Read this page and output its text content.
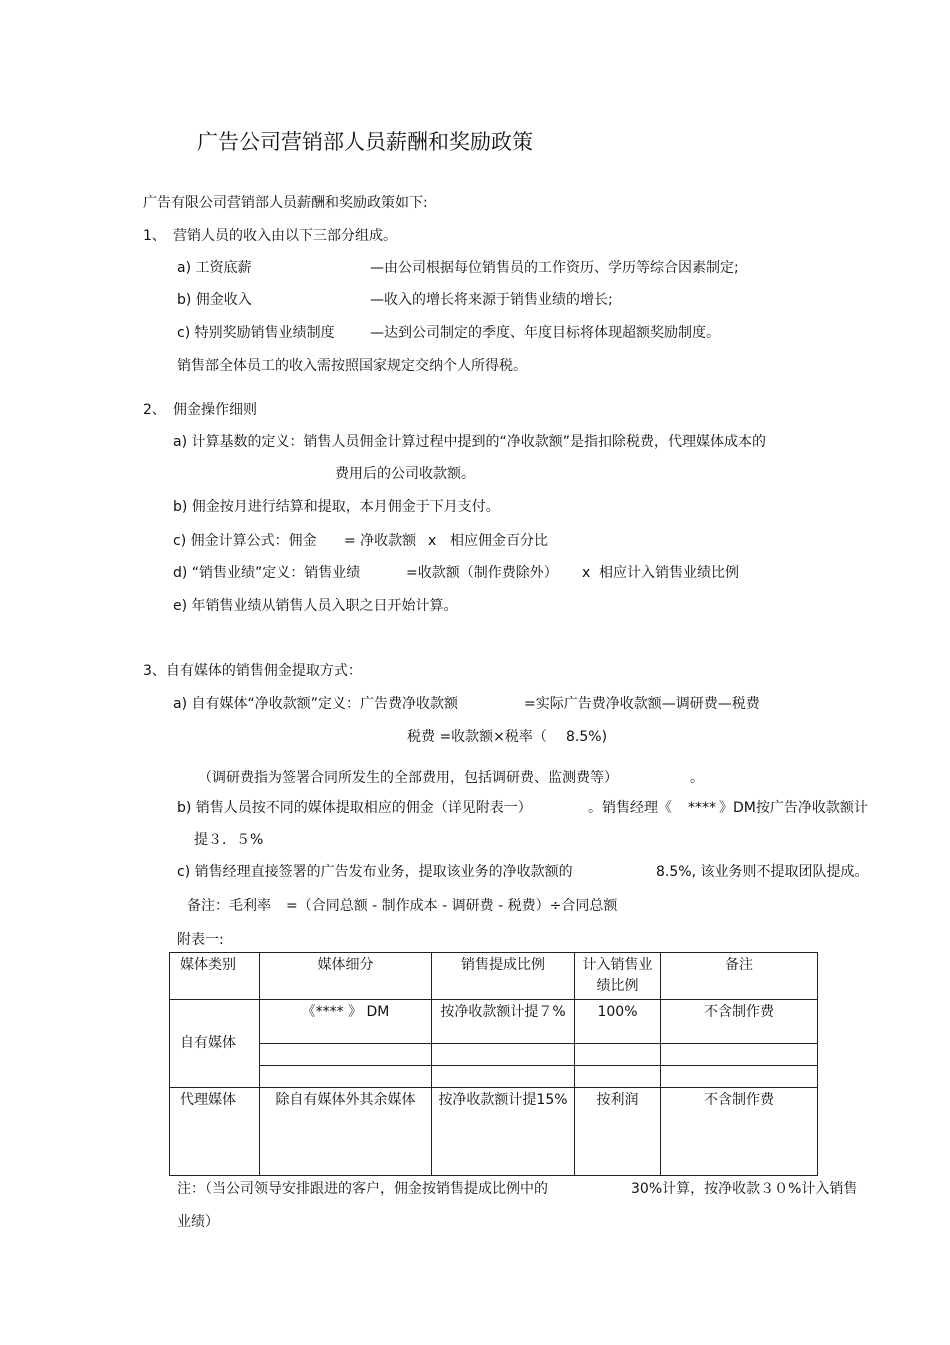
广告公司营销部人员薪酬和奖励政策
广告有限公司营销部人员薪酬和奖励政策如下:
1、 营销人员的收入由以下三部分组成。
a) 工资底薪	—由公司根据每位销售员的工作资历、学历等综合因素制定;
b) 佣金收入	—收入的增长将来源于销售业绩的增长;
c) 特别奖励销售业绩制度	—达到公司制定的季度、年度目标将体现超额奖励制度。
销售部全体员工的收入需按照国家规定交纳个人所得税。
2、 佣金操作细则
a) 计算基数的定义：销售人员佣金计算过程中提到的“净收款额”是指扣除税费，代理媒体成本的
费用后的公司收款额。
b) 佣金按月进行结算和提取，本月佣金于下月支付。
c) 佣金计算公式：佣金 = 净收款额 x 相应佣金百分比
d) “销售业绩”定义：销售业绩	=收款额（制作费除外） x 相应计入销售业绩比例
e) 年销售业绩从销售人员入职之日开始计算。
3、自有媒体的销售佣金提取方式：
a) 自有媒体“净收款额”定义：广告费净收款额	=实际广告费净收款额—调研费—税费
税费 =收款额×税率（ 8.5%)
（调研费指为签署合同所发生的全部费用，包括调研费、监测费等）	。
b) 销售人员按不同的媒体提取相应的佣金（详见附表一）	。销售经理《 **** 》DM按广告净收款额计
提３．５%
c) 销售经理直接签署的广告发布业务，提取该业务的净收款额的	8.5%, 该业务则不提取团队提成。
备注：毛利率 =（合同总额 - 制作成本 - 调研费 - 税费）÷合同总额
附表一:
媒体类别	媒体细分	销售提成比例	计入销售业绩比例	备注
自有媒体	《**** 》 DM	按净收款额计提７%	100%	不含制作费

代理媒体	除自有媒体外其余媒体	按净收款额计提15%	按利润	不含制作费
注：（当公司领导安排跟进的客户，佣金按销售提成比例中的	30%计算，按净收款３０%计入销售
业绩）
